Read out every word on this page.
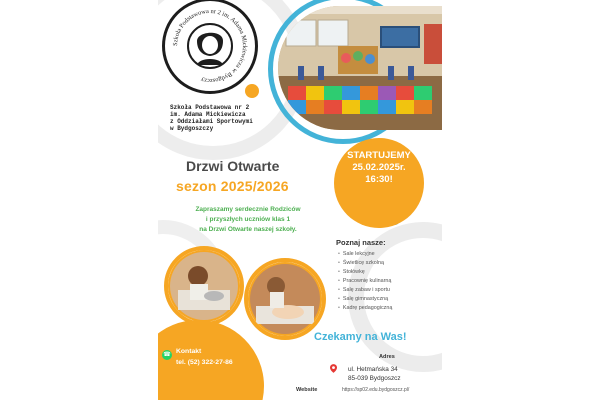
Szkoła Podstawowa nr 2 im. Adama Mickiewicza w Bydgoszczy
Szkoła Podstawowa nr 2
im. Adama Mickiewicza
z Oddziałami Sportowymi
w Bydgoszczy
Drzwi Otwarte
sezon 2025/2026
STARTUJEMY
25.02.2025r.
16:30!
Zapraszamy serdecznie Rodziców
i przyszłych uczniów klas 1
na Drzwi Otwarte naszej szkoły.
Poznaj nasze:
• Sale lekcyjne
• Świetlicę szkolną
• Stołówkę
• Pracownię kulinarną
• Salę zabaw i sportu
• Salę gimnastyczną
• Kadrę pedagogiczną
☎ Kontakt
tel. (52) 322-27-86
Czekamy na Was!
Adres
ul. Hetmańska 34
85-039 Bydgoszcz
Website	https://sp02.edu.bydgoszcz.pl/
